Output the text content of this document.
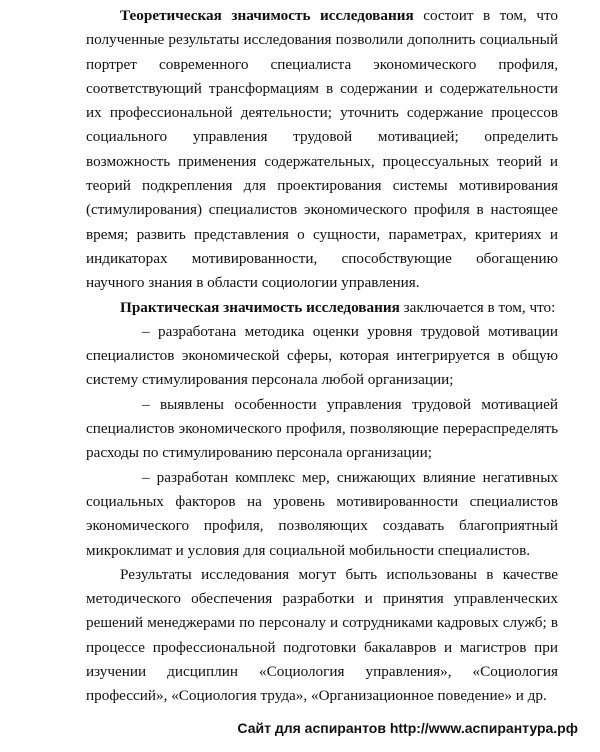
Теоретическая значимость исследования состоит в том, что полученные результаты исследования позволили дополнить социальный портрет современного специалиста экономического профиля, соответствующий трансформациям в содержании и содержательности их профессиональной деятельности; уточнить содержание процессов социального управления трудовой мотивацией; определить возможность применения содержательных, процессуальных теорий и теорий подкрепления для проектирования системы мотивирования (стимулирования) специалистов экономического профиля в настоящее время; развить представления о сущности, параметрах, критериях и индикаторах мотивированности, способствующие обогащению научного знания в области социологии управления.

Практическая значимость исследования заключается в том, что:

– разработана методика оценки уровня трудовой мотивации специалистов экономической сферы, которая интегрируется в общую систему стимулирования персонала любой организации;

– выявлены особенности управления трудовой мотивацией специалистов экономического профиля, позволяющие перераспределять расходы по стимулированию персонала организации;

– разработан комплекс мер, снижающих влияние негативных социальных факторов на уровень мотивированности специалистов экономического профиля, позволяющих создавать благоприятный микроклимат и условия для социальной мобильности специалистов.

Результаты исследования могут быть использованы в качестве методического обеспечения разработки и принятия управленческих решений менеджерами по персоналу и сотрудниками кадровых служб; в процессе профессиональной подготовки бакалавров и магистров при изучении дисциплин «Социология управления», «Социология профессий», «Социология труда», «Организационное поведение» и др.

Сайт для аспирантов http://www.аспирантура.рф
